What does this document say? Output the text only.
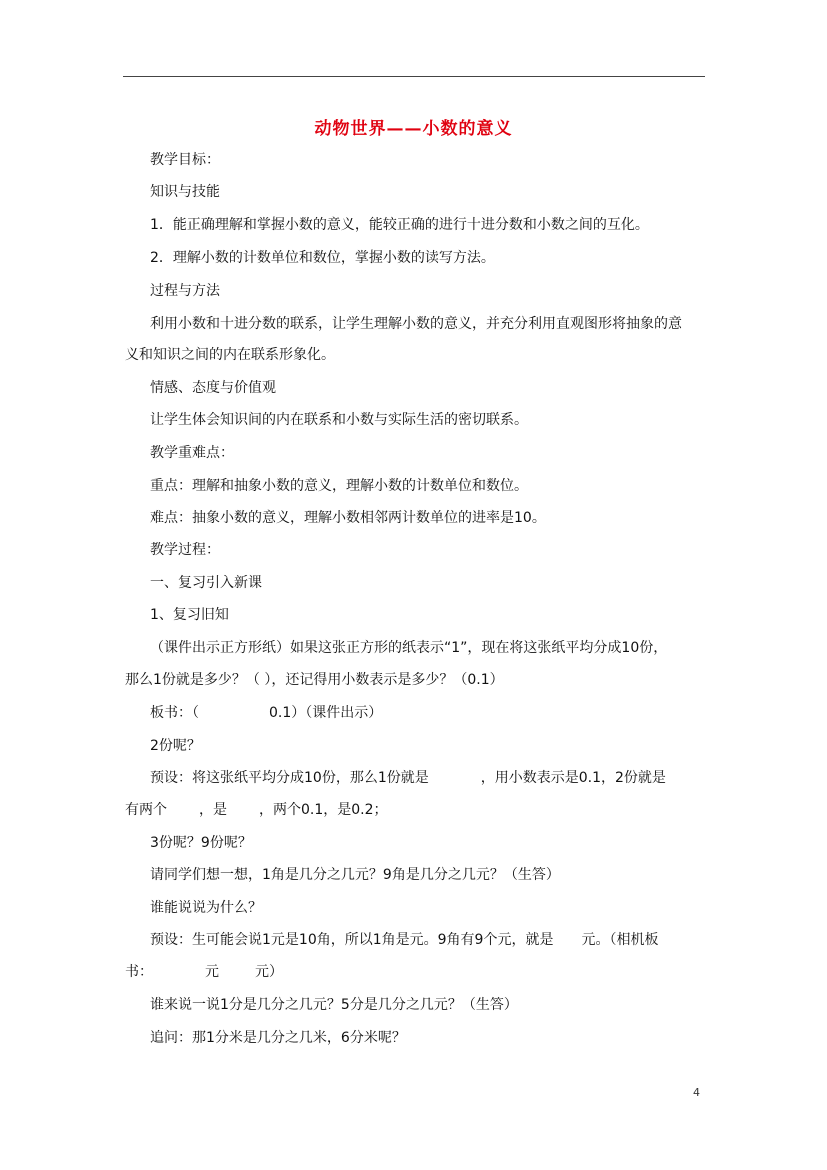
动物世界——小数的意义
教学目标：
知识与技能
1．能正确理解和掌握小数的意义，能较正确的进行十进分数和小数之间的互化。
2．理解小数的计数单位和数位，掌握小数的读写方法。
过程与方法
利用小数和十进分数的联系，让学生理解小数的意义，并充分利用直观图形将抽象的意
义和知识之间的内在联系形象化。
情感、态度与价值观
让学生体会知识间的内在联系和小数与实际生活的密切联系。
教学重难点：
重点：理解和抽象小数的意义，理解小数的计数单位和数位。
难点：抽象小数的意义，理解小数相邻两计数单位的进率是10。
教学过程：
一、复习引入新课
1、复习旧知
（课件出示正方形纸）如果这张正方形的纸表示“1”，现在将这张纸平均分成10份，
那么1份就是多少？（ ），还记得用小数表示是多少？（0.1）
板书：（	0.1）（课件出示）
2份呢？
预设：将这张纸平均分成10份，那么1份就是	，用小数表示是0.1，2份就是
有两个 ，是 ，两个0.1，是0.2；
3份呢？9份呢？
请同学们想一想，1角是几分之几元？9角是几分之几元？（生答）
谁能说说为什么？
预设：生可能会说1元是10角，所以1角是元。9角有9个元，就是 元。（相机板
书：	元	元）
谁来说一说1分是几分之几元？5分是几分之几元？（生答）
追问：那1分米是几分之几米，6分米呢？
4
